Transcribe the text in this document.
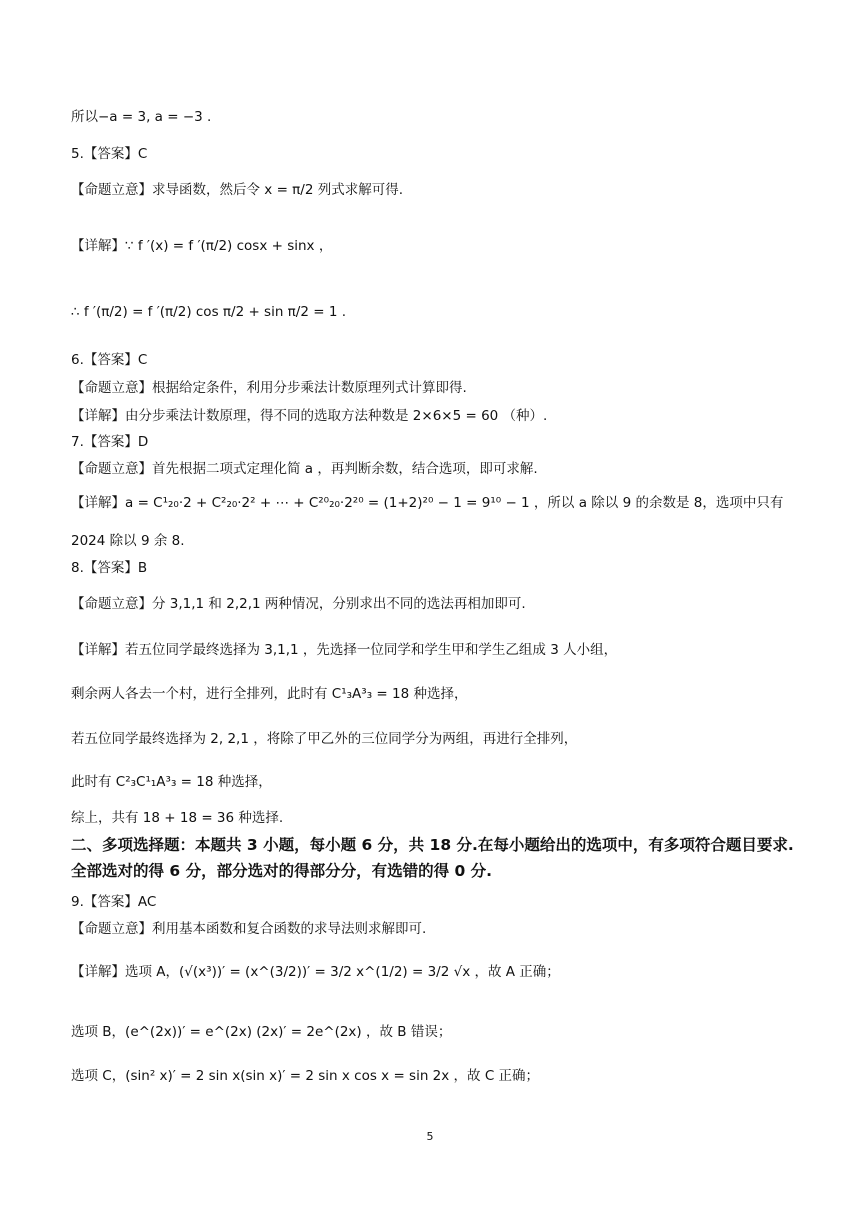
所以−a = 3, a = −3 .
5.【答案】C
【命题立意】求导函数，然后令 x = π/2 列式求解可得.
【详解】∵ f ′(x) = f ′(π/2) cosx + sinx ，
∴ f ′(π/2) = f ′(π/2) cos π/2 + sin π/2 = 1 .
6.【答案】C
【命题立意】根据给定条件，利用分步乘法计数原理列式计算即得.
【详解】由分步乘法计数原理，得不同的选取方法种数是 2×6×5 = 60 （种）.
7.【答案】D
【命题立意】首先根据二项式定理化简 a ，再判断余数，结合选项，即可求解.
【详解】a = C¹₂₀·2 + C²₂₀·2² + ⋯ + C²⁰₂₀·2²⁰ = (1+2)²⁰ − 1 = 9¹⁰ − 1 ，所以 a 除以 9 的余数是 8，选项中只有
2024 除以 9 余 8.
8.【答案】B
【命题立意】分 3,1,1 和 2,2,1 两种情况，分别求出不同的选法再相加即可.
【详解】若五位同学最终选择为 3,1,1 ，先选择一位同学和学生甲和学生乙组成 3 人小组，
剩余两人各去一个村，进行全排列，此时有 C¹₃A³₃ = 18 种选择，
若五位同学最终选择为 2, 2,1 ，将除了甲乙外的三位同学分为两组，再进行全排列，
此时有 C²₃C¹₁A³₃ = 18 种选择，
综上，共有 18 + 18 = 36 种选择.
二、多项选择题：本题共 3 小题，每小题 6 分，共 18 分.在每小题给出的选项中，有多项符合题目要求.全部选对的得 6 分，部分选对的得部分分，有选错的得 0 分.
9.【答案】AC
【命题立意】利用基本函数和复合函数的求导法则求解即可.
【详解】选项 A，(√(x³))′ = (x^(3/2))′ = 3/2 x^(1/2) = 3/2 √x ，故 A 正确；
选项 B，(e^(2x))′ = e^(2x) (2x)′ = 2e^(2x) ，故 B 错误；
选项 C，(sin² x)′ = 2 sin x(sin x)′ = 2 sin x cos x = sin 2x ，故 C 正确；
5
